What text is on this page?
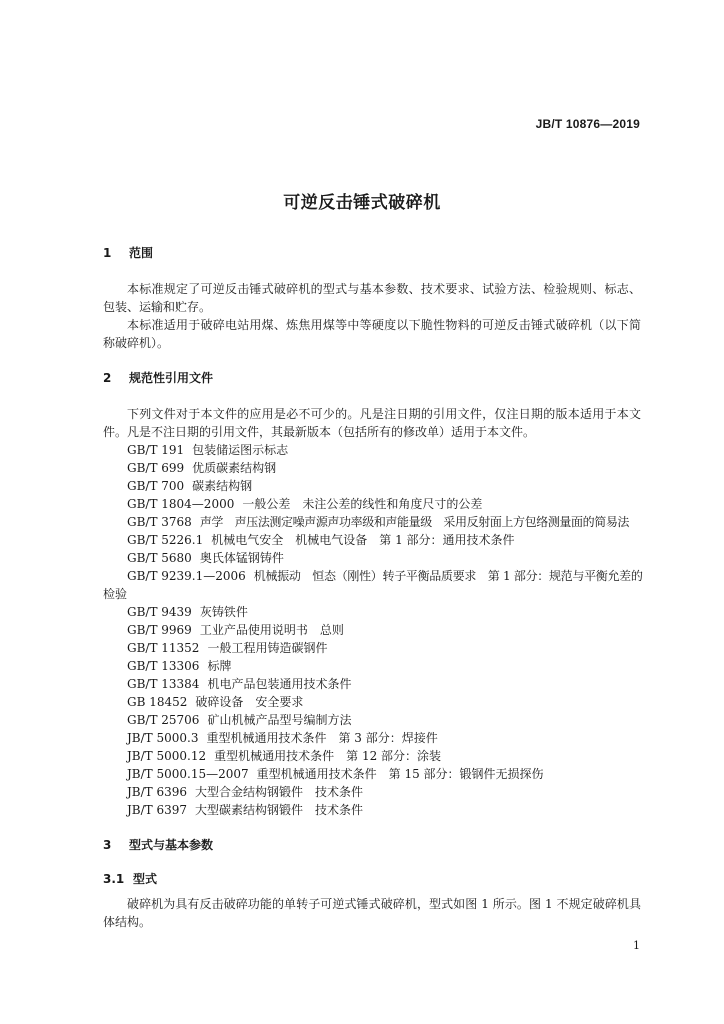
JB/T 10876—2019
可逆反击锤式破碎机
1 范围
本标准规定了可逆反击锤式破碎机的型式与基本参数、技术要求、试验方法、检验规则、标志、包装、运输和贮存。
本标准适用于破碎电站用煤、炼焦用煤等中等硬度以下脆性物料的可逆反击锤式破碎机（以下简称破碎机）。
2 规范性引用文件
下列文件对于本文件的应用是必不可少的。凡是注日期的引用文件，仅注日期的版本适用于本文件。凡是不注日期的引用文件，其最新版本（包括所有的修改单）适用于本文件。
GB/T 191 包装储运图示标志
GB/T 699 优质碳素结构钢
GB/T 700 碳素结构钢
GB/T 1804—2000 一般公差　未注公差的线性和角度尺寸的公差
GB/T 3768 声学　声压法测定噪声源声功率级和声能量级　采用反射面上方包络测量面的简易法
GB/T 5226.1 机械电气安全　机械电气设备　第 1 部分：通用技术条件
GB/T 5680 奥氏体锰钢铸件
GB/T 9239.1—2006 机械振动　恒态（刚性）转子平衡品质要求　第 1 部分：规范与平衡允差的
检验
GB/T 9439 灰铸铁件
GB/T 9969 工业产品使用说明书　总则
GB/T 11352 一般工程用铸造碳钢件
GB/T 13306 标牌
GB/T 13384 机电产品包装通用技术条件
GB 18452 破碎设备　安全要求
GB/T 25706 矿山机械产品型号编制方法
JB/T 5000.3 重型机械通用技术条件　第 3 部分：焊接件
JB/T 5000.12 重型机械通用技术条件　第 12 部分：涂装
JB/T 5000.15—2007 重型机械通用技术条件　第 15 部分：锻钢件无损探伤
JB/T 6396 大型合金结构钢锻件　技术条件
JB/T 6397 大型碳素结构钢锻件　技术条件
3 型式与基本参数
3.1 型式
破碎机为具有反击破碎功能的单转子可逆式锤式破碎机，型式如图 1 所示。图 1 不规定破碎机具体结构。
1
